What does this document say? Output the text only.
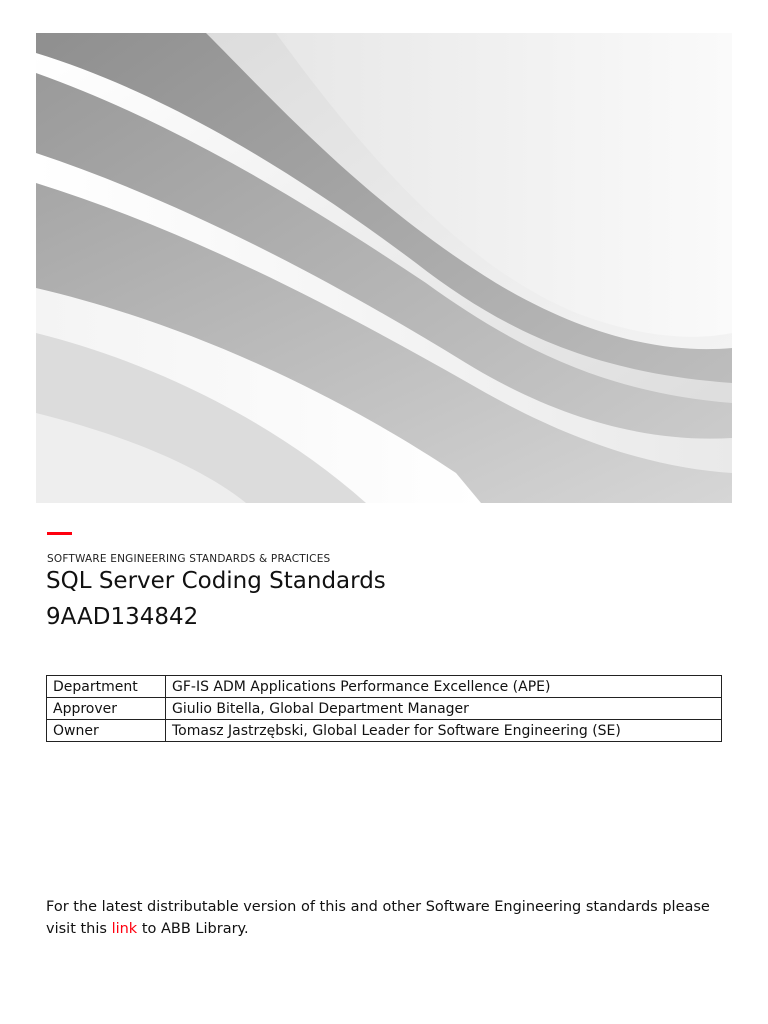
SOFTWARE ENGINEERING STANDARDS & PRACTICES
SQL Server Coding Standards
9AAD134842
Department	GF-IS ADM Applications Performance Excellence (APE)
Approver	Giulio Bitella, Global Department Manager
Owner	Tomasz Jastrzębski, Global Leader for Software Engineering (SE)

For the latest distributable version of this and other Software Engineering standards please visit this link to ABB Library.
